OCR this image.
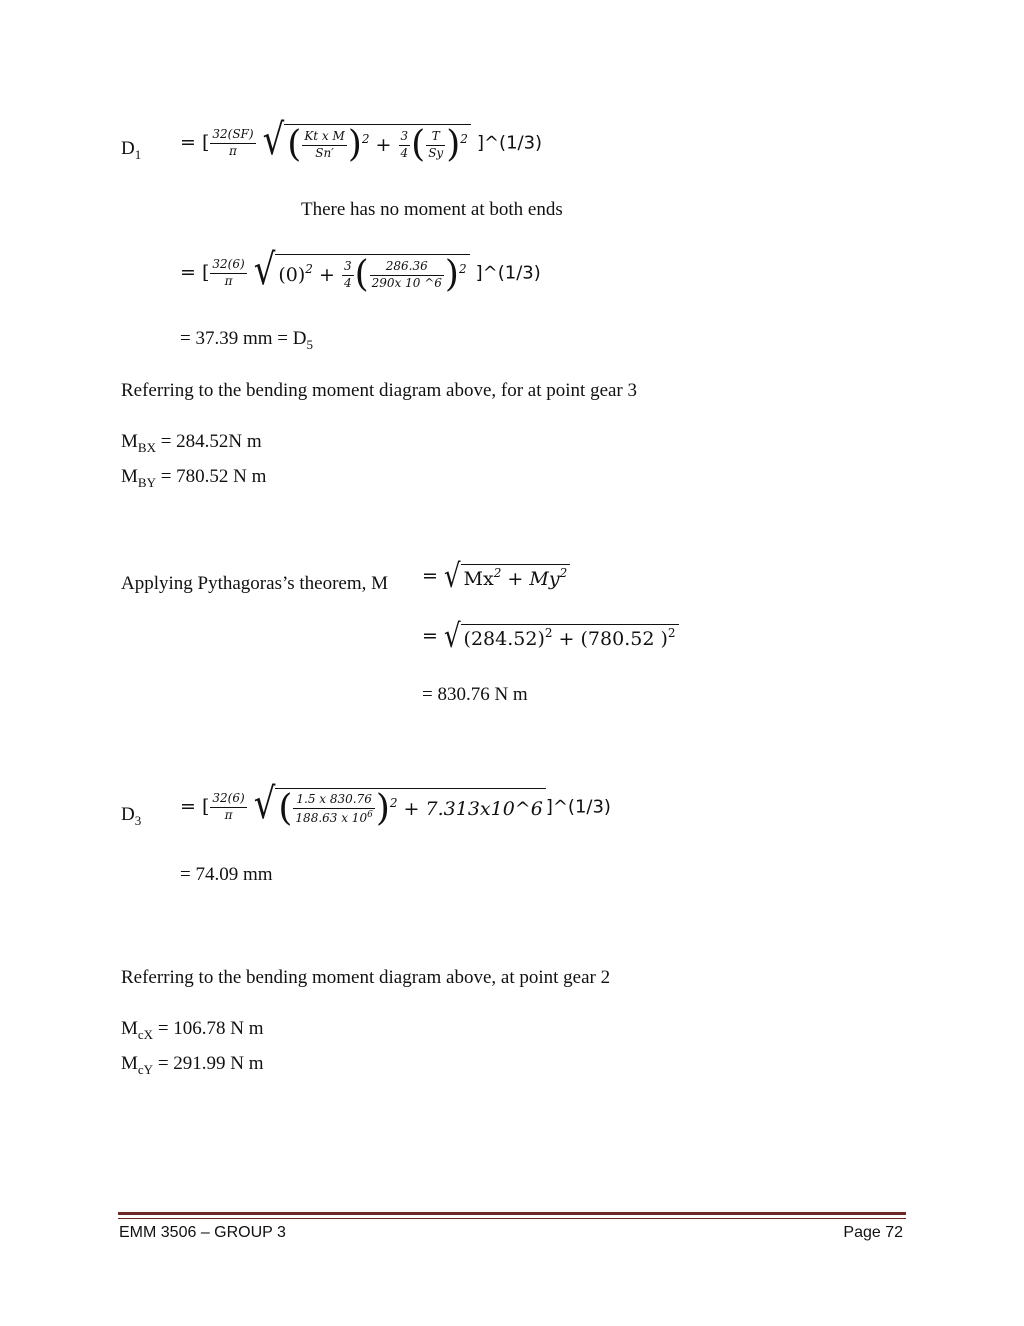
$D_1$
= [ $\frac{32(SF)}{\pi}$
√ ( $\frac{\text{Kt x M}}{Sn'}$ ) 2
+
$\frac{3}{4}$ ( $\frac{T}{Sy}$ ) 2 ]^(1/3)
There has no moment at both ends
= [ $\frac{32(6)}{\pi}$
√ (0) 2
+
$\frac{3}{4}$ ( $\frac{286.36}{290x 10 \^{}6}$ ) 2 ]^(1/3)
= 37.39 mm = $D_5$
Referring to the bending moment diagram above, for at point gear 3
$M_{BX} = 284.52N$ m
$M_{BY} = 780.52$ N m
Applying Pythagoras’s theorem, M = √ Mx 2
+
My 2
= √ (284.52) 2
+
(780.52 ) 2
= 830.76 N m
$D_3$
= [ $\frac{32(6)}{\pi}$
√ ( $\frac{1.5 x 830.76}{188.63 x 10^6}$ ) 2
+
7.313x10^6 ]^(1/3)
= 74.09 mm
Referring to the bending moment diagram above, at point gear 2
$M_{cX} = 106.78$ N m
$M_{cY} = 291.99$ N m
EMM 3506 – GROUP 3	Page 72
